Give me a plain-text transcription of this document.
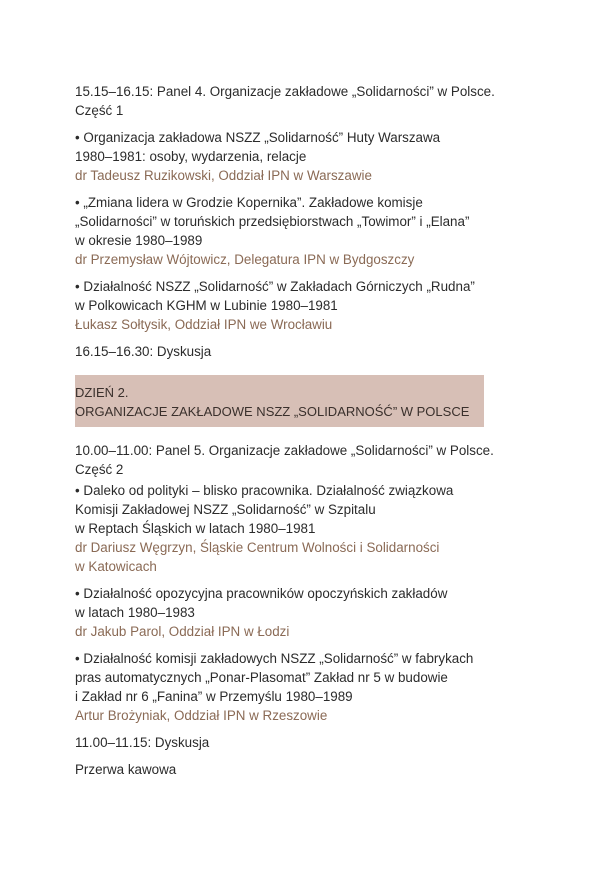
15.15–16.15: Panel 4. Organizacje zakładowe „Solidarności” w Polsce.

Część 1

• Organizacja zakładowa NSZZ „Solidarność” Huty Warszawa

1980–1981: osoby, wydarzenia, relacje

dr Tadeusz Ruzikowski, Oddział IPN w Warszawie

• „Zmiana lidera w Grodzie Kopernika”. Zakładowe komisje

„Solidarności” w toruńskich przedsiębiorstwach „Towimor” i „Elana”

w okresie 1980–1989

dr Przemysław Wójtowicz, Delegatura IPN w Bydgoszczy

• Działalność NSZZ „Solidarność” w Zakładach Górniczych „Rudna”

w Polkowicach KGHM w Lubinie 1980–1981

Łukasz Sołtysik, Oddział IPN we Wrocławiu

16.15–16.30: Dyskusja

DZIEŃ 2.

ORGANIZACJE ZAKŁADOWE NSZZ „SOLIDARNOŚĆ” W POLSCE

10.00–11.00: Panel 5. Organizacje zakładowe „Solidarności” w Polsce.

Część 2

• Daleko od polityki – blisko pracownika. Działalność związkowa

Komisji Zakładowej NSZZ „Solidarność” w Szpitalu

w Reptach Śląskich w latach 1980–1981

dr Dariusz Węgrzyn, Śląskie Centrum Wolności i Solidarności

w Katowicach

• Działalność opozycyjna pracowników opoczyńskich zakładów

w latach 1980–1983

dr Jakub Parol, Oddział IPN w Łodzi

• Działalność komisji zakładowych NSZZ „Solidarność” w fabrykach

pras automatycznych „Ponar-Plasomat” Zakład nr 5 w budowie

i Zakład nr 6 „Fanina” w Przemyślu 1980–1989

Artur Brożyniak, Oddział IPN w Rzeszowie

11.00–11.15: Dyskusja

Przerwa kawowa
